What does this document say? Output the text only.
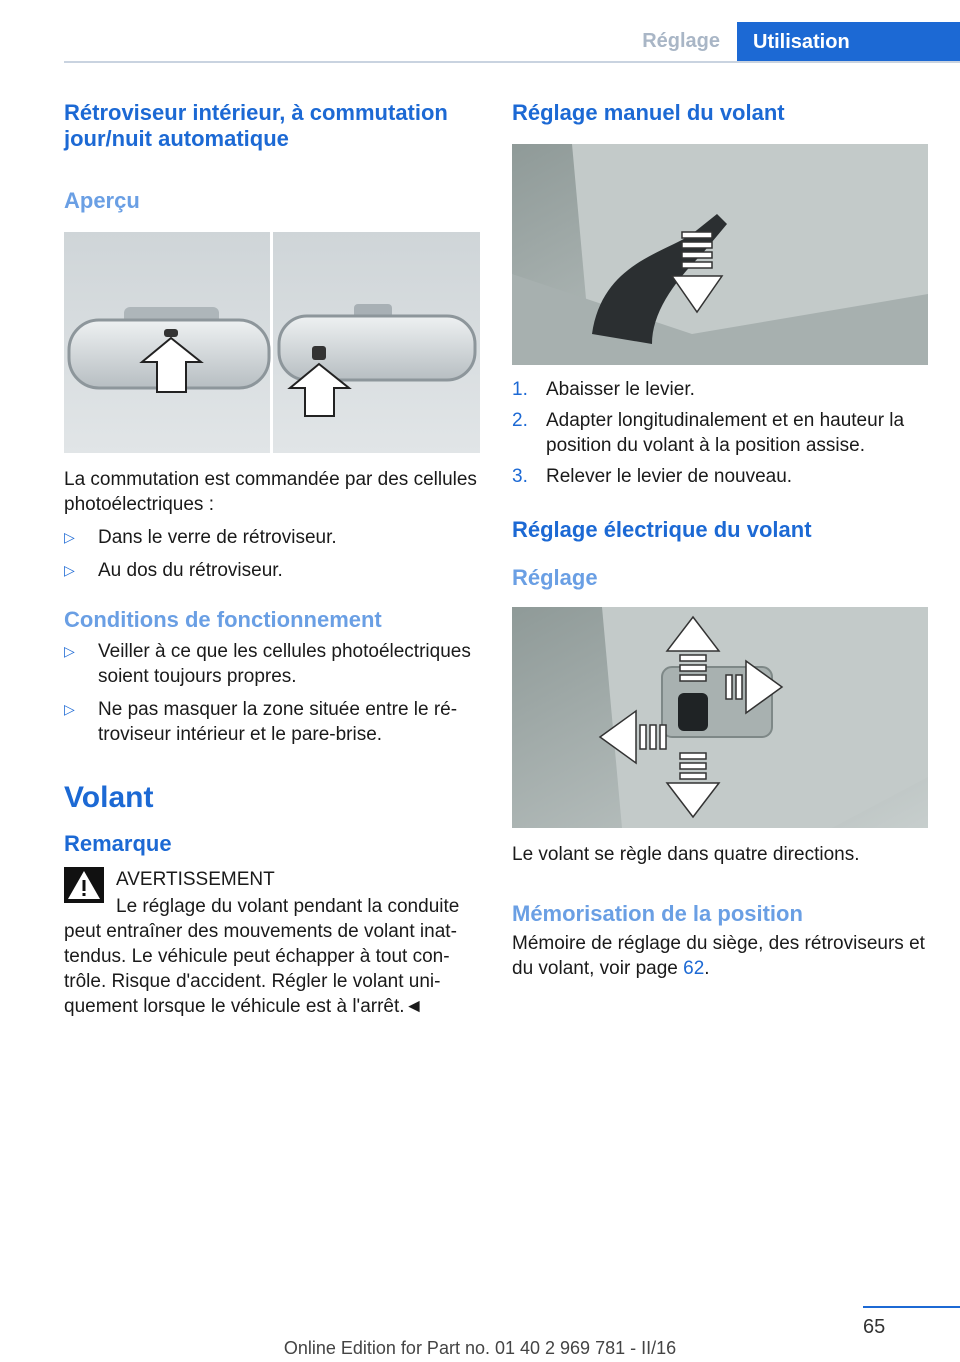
Réglage	Utilisation
Rétroviseur intérieur, à commutation jour/nuit automatique
Aperçu

La commutation est commandée par des cellules photoélectriques :

▷ Dans le verre de rétroviseur.
▷ Au dos du rétroviseur.
Conditions de fonctionnement
▷ Veiller à ce que les cellules photoélectriques soient toujours propres.
▷ Ne pas masquer la zone située entre le rétroviseur intérieur et le pare-brise.
Volant
Remarque

AVERTISSEMENT

Le réglage du volant pendant la conduite peut entraîner des mouvements de volant inattendus. Le véhicule peut échapper à tout contrôle. Risque d'accident. Régler le volant uniquement lorsque le véhicule est à l'arrêt.◄

Réglage manuel du volant
1. Abaisser le levier.
2. Adapter longitudinalement et en hauteur la position du volant à la position assise.
3. Relever le levier de nouveau.
Réglage électrique du volant
Réglage

Le volant se règle dans quatre directions.

Mémorisation de la position

Mémoire de réglage du siège, des rétroviseurs et du volant, voir page 62.

65
Online Edition for Part no. 01 40 2 969 781 - II/16
